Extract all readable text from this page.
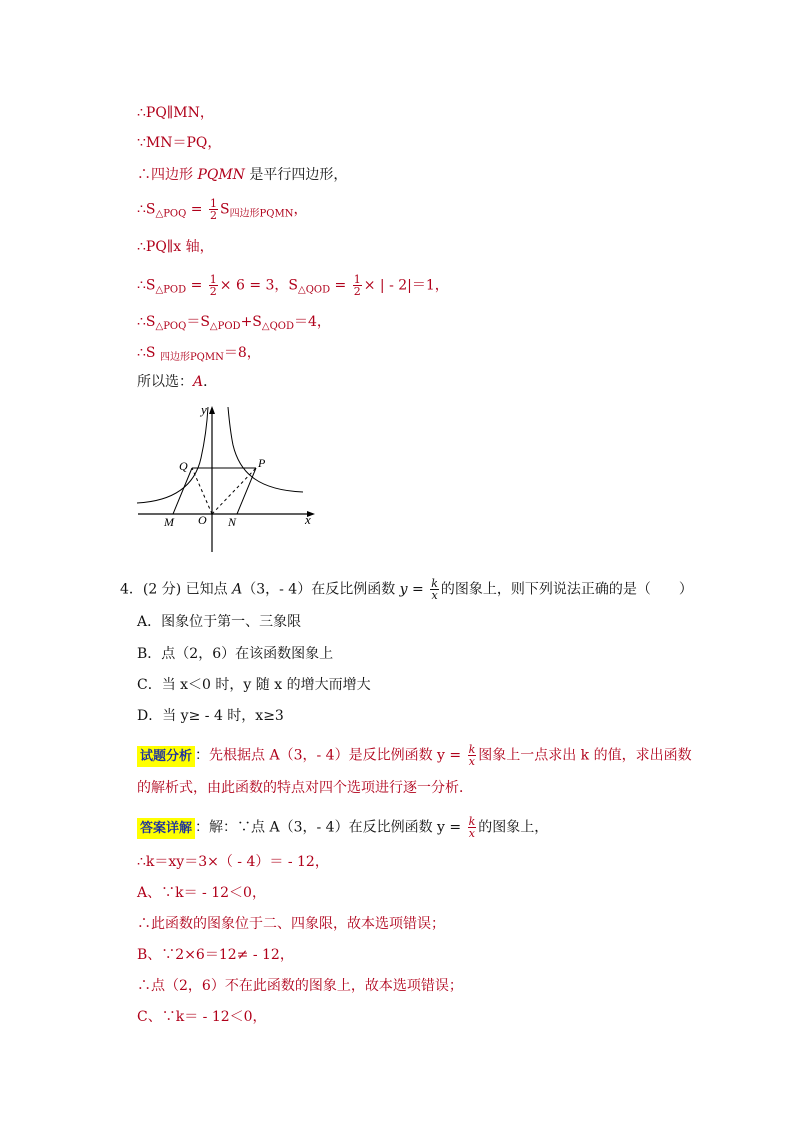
∴PQ∥MN，
∵MN＝PQ，
∴四边形 PQMN 是平行四边形，
$\therefore S_{\triangle POQ} = \frac{1}{2} S_{四边形PQMN}$，
∴PQ∥x 轴，
$\therefore S_{\triangle POD} = \frac{1}{2} \times 6 = 3$，$S_{\triangle QOD} = \frac{1}{2}$ × | - 2|＝1，
$\therefore S_{\triangle POQ}=S_{\triangle POD}+S_{\triangle QOD}=4$，
∴S $_{四边形PQMN}$＝8，
所以选：A．
y
x
Q	P
M O N
4．(2 分) 已知点 A（3，- 4）在反比例函数 $y = \frac{k}{x}$ 的图象上，则下列说法正确的是（　　）
A．图象位于第一、三象限
B．点（2，6）在该函数图象上
C．当 x＜0 时，y 随 x 的增大而增大
D．当 y≥ - 4 时，x≥3
试题分析 ：先根据点 A（3，- 4）是反比例函数 $y = \frac{k}{x}$ 图象上一点求出 k 的值，求出函数
的解析式，由此函数的特点对四个选项进行逐一分析．
答案详解 ：解：∵点 A（3，- 4）在反比例函数 $y = \frac{k}{x}$ 的图象上，
∴k＝xy＝3×（ - 4）＝ - 12，
A、∵k＝ - 12＜0，
∴此函数的图象位于二、四象限，故本选项错误；
B、∵2×6＝12≠ - 12，
∴点（2，6）不在此函数的图象上，故本选项错误；
C、∵k＝ - 12＜0，
